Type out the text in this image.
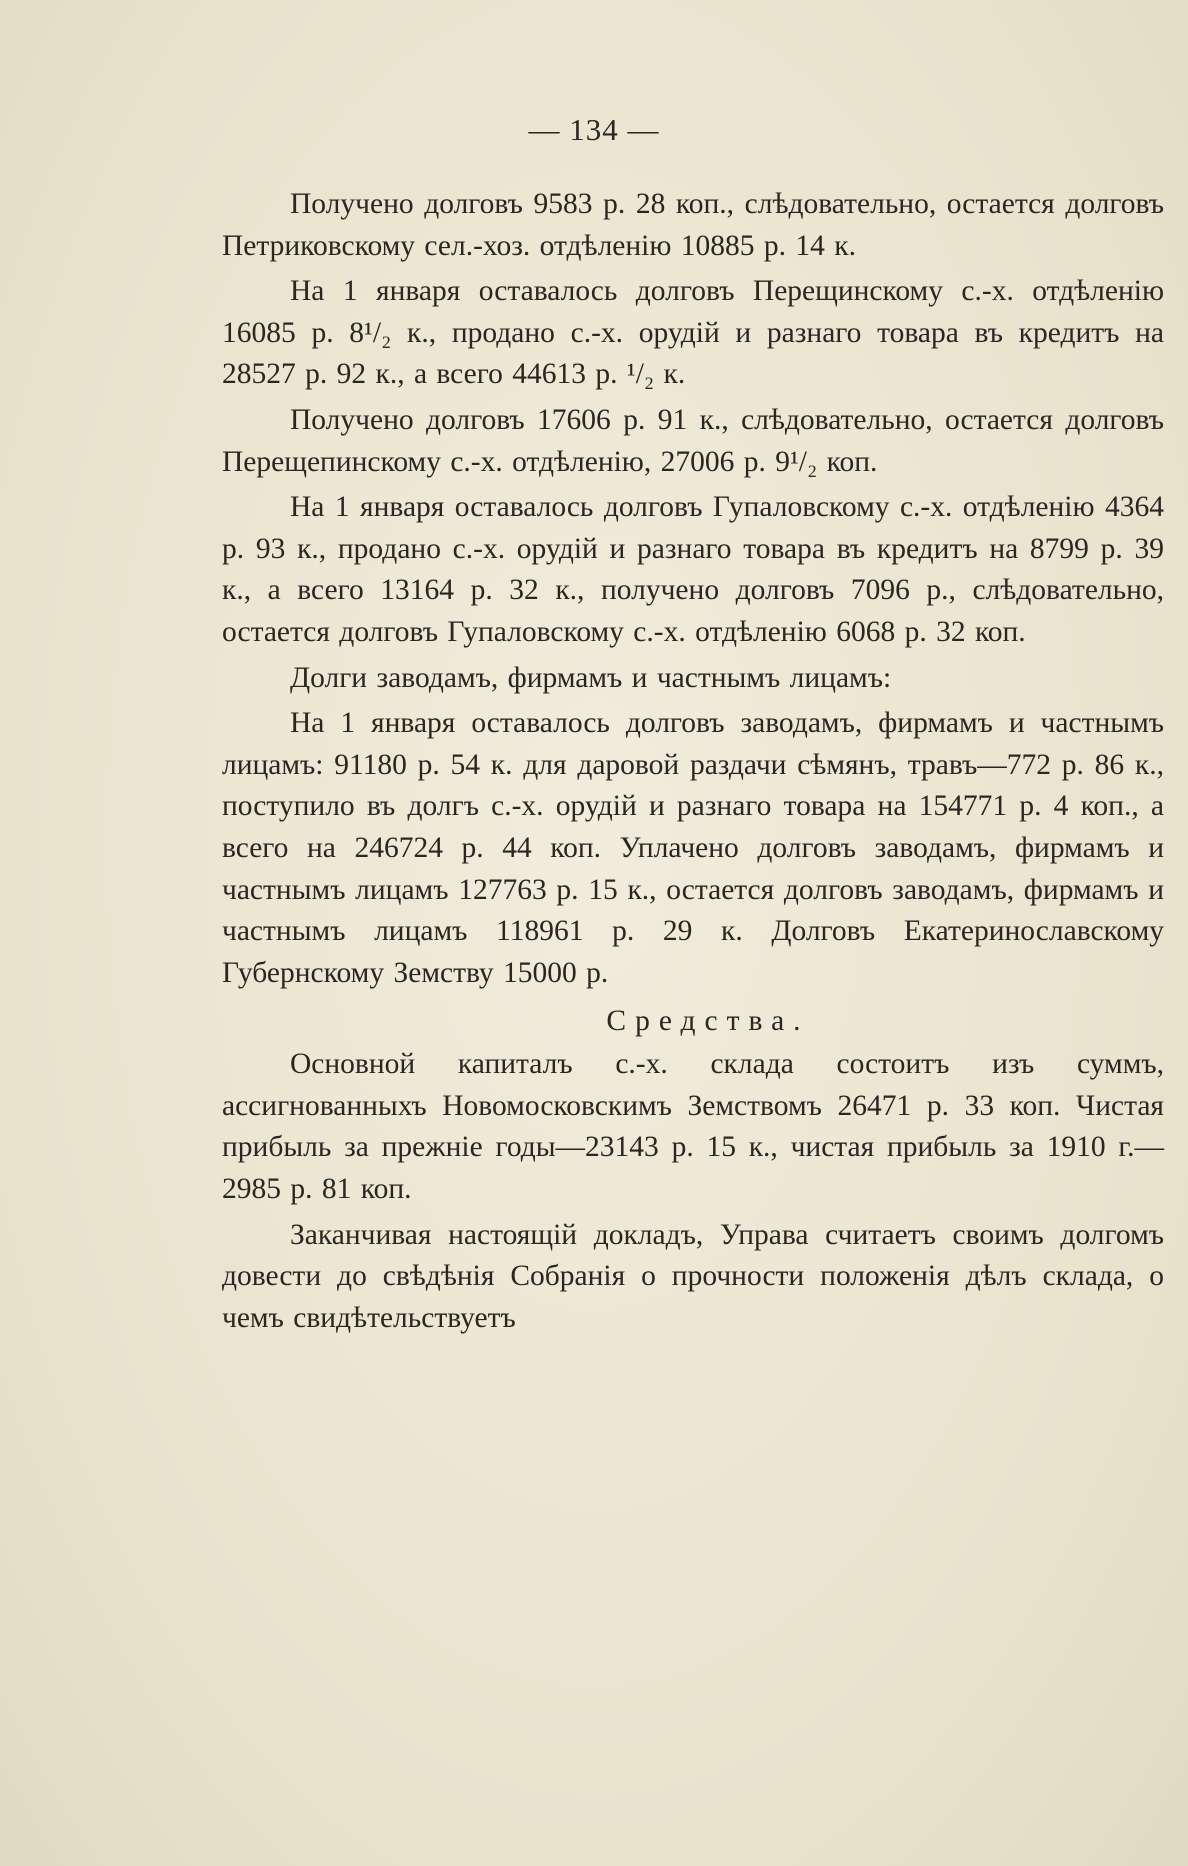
— 134 —

Получено долговъ 9583 р. 28 коп., слѣдовательно, остается долговъ Петриковскому сел.-хоз. отдѣленію 10885 р. 14 к.

На 1 января оставалось долговъ Перещинскому с.-х. отдѣленію 16085 р. 8¹/₂ к., продано с.-х. орудій и разнаго товара въ кредитъ на 28527 р. 92 к., а всего 44613 р. ¹/₂ к.

Получено долговъ 17606 р. 91 к., слѣдовательно, остается долговъ Перещепинскому с.-х. отдѣленію, 27006 р. 9¹/₂ коп.

На 1 января оставалось долговъ Гупаловскому с.-х. отдѣленію 4364 р. 93 к., продано с.-х. орудій и разнаго товара въ кредитъ на 8799 р. 39 к., а всего 13164 р. 32 к., получено долговъ 7096 р., слѣдовательно, остается долговъ Гупаловскому с.-х. отдѣленію 6068 р. 32 коп.

Долги заводамъ, фирмамъ и частнымъ лицамъ:

На 1 января оставалось долговъ заводамъ, фирмамъ и частнымъ лицамъ: 91180 р. 54 к. для даровой раздачи сѣмянъ, травъ—772 р. 86 к., поступило въ долгъ с.-х. орудій и разнаго товара на 154771 р. 4 коп., а всего на 246724 р. 44 коп. Уплачено долговъ заводамъ, фирмамъ и частнымъ лицамъ 127763 р. 15 к., остается долговъ заводамъ, фирмамъ и частнымъ лицамъ 118961 р. 29 к. Долговъ Екатеринославскому Губернскому Земству 15000 р.

Средства.

Основной капиталъ с.-х. склада состоитъ изъ суммъ, ассигнованныхъ Новомосковскимъ Земствомъ 26471 р. 33 коп. Чистая прибыль за прежніе годы—23143 р. 15 к., чистая прибыль за 1910 г.—2985 р. 81 коп.

Заканчивая настоящій докладъ, Управа считаетъ своимъ долгомъ довести до свѣдѣнія Собранія о прочности положенія дѣлъ склада, о чемъ свидѣтельствуетъ
